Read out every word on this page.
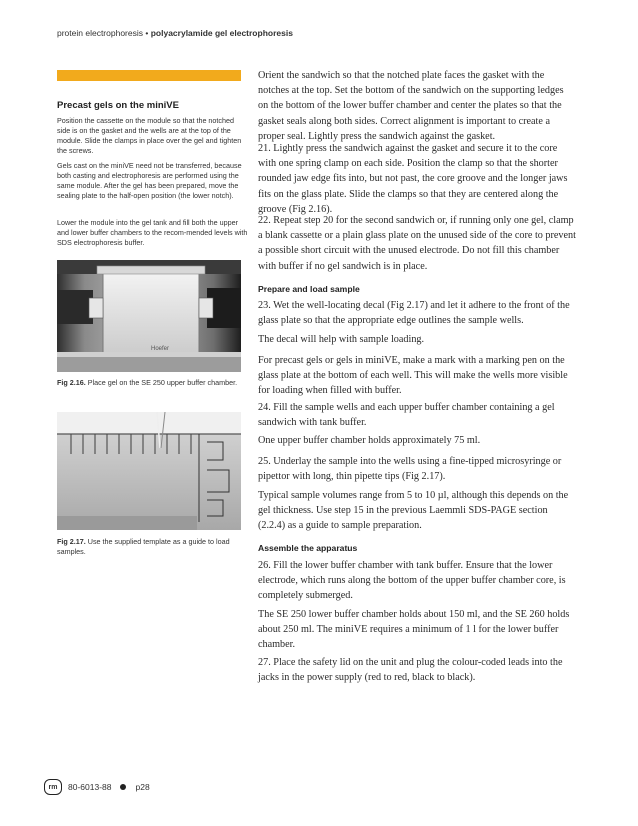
protein electrophoresis • polyacrylamide gel electrophoresis
Precast gels on the miniVE
Position the cassette on the module so that the notched side is on the gasket and the wells are at the top of the module. Slide the clamps in place over the gel and tighten the screws.
Gels cast on the miniVE need not be transferred, because both casting and electrophoresis are performed using the same module. After the gel has been prepared, move the sealing plate to the half-open position (the lower notch).
Lower the module into the gel tank and fill both the upper and lower buffer chambers to the recom-mended levels with SDS electrophoresis buffer.
Hoefer
Fig 2.16. Place gel on the SE 250 upper buffer chamber.
Fig 2.17. Use the supplied template as a guide to load samples.
Orient the sandwich so that the notched plate faces the gasket with the notches at the top. Set the bottom of the sandwich on the supporting ledges on the bottom of the lower buffer chamber and center the plates so that the gasket seals along both sides. Correct alignment is important to create a proper seal. Lightly press the sandwich against the gasket.
21. Lightly press the sandwich against the gasket and secure it to the core with one spring clamp on each side. Position the clamp so that the shorter rounded jaw edge fits into, but not past, the core groove and the longer jaws fits on the glass plate. Slide the clamps so that they are centered along the groove (Fig 2.16).
22. Repeat step 20 for the second sandwich or, if running only one gel, clamp a blank cassette or a plain glass plate on the unused side of the core to prevent a possible short circuit with the unused electrode. Do not fill this chamber with buffer if no gel sandwich is in place.
Prepare and load sample
23. Wet the well-locating decal (Fig 2.17) and let it adhere to the front of the glass plate so that the appropriate edge outlines the sample wells.
The decal will help with sample loading.
For precast gels or gels in miniVE, make a mark with a marking pen on the glass plate at the bottom of each well. This will make the wells more visible for loading when filled with buffer.
24. Fill the sample wells and each upper buffer chamber containing a gel sandwich with tank buffer.
One upper buffer chamber holds approximately 75 ml.
25. Underlay the sample into the wells using a fine-tipped microsyringe or pipettor with long, thin pipette tips (Fig 2.17).
Typical sample volumes range from 5 to 10 µl, although this depends on the gel thickness. Use step 15 in the previous Laemmli SDS-PAGE section (2.2.4) as a guide to sample preparation.
Assemble the apparatus
26. Fill the lower buffer chamber with tank buffer. Ensure that the lower electrode, which runs along the bottom of the upper buffer chamber core, is completely submerged.
The SE 250 lower buffer chamber holds about 150 ml, and the SE 260 holds about 250 ml. The miniVE requires a minimum of 1 l for the lower buffer chamber.
27. Place the safety lid on the unit and plug the colour-coded leads into the jacks in the power supply (red to red, black to black).
rm	80-6013-88	p28
